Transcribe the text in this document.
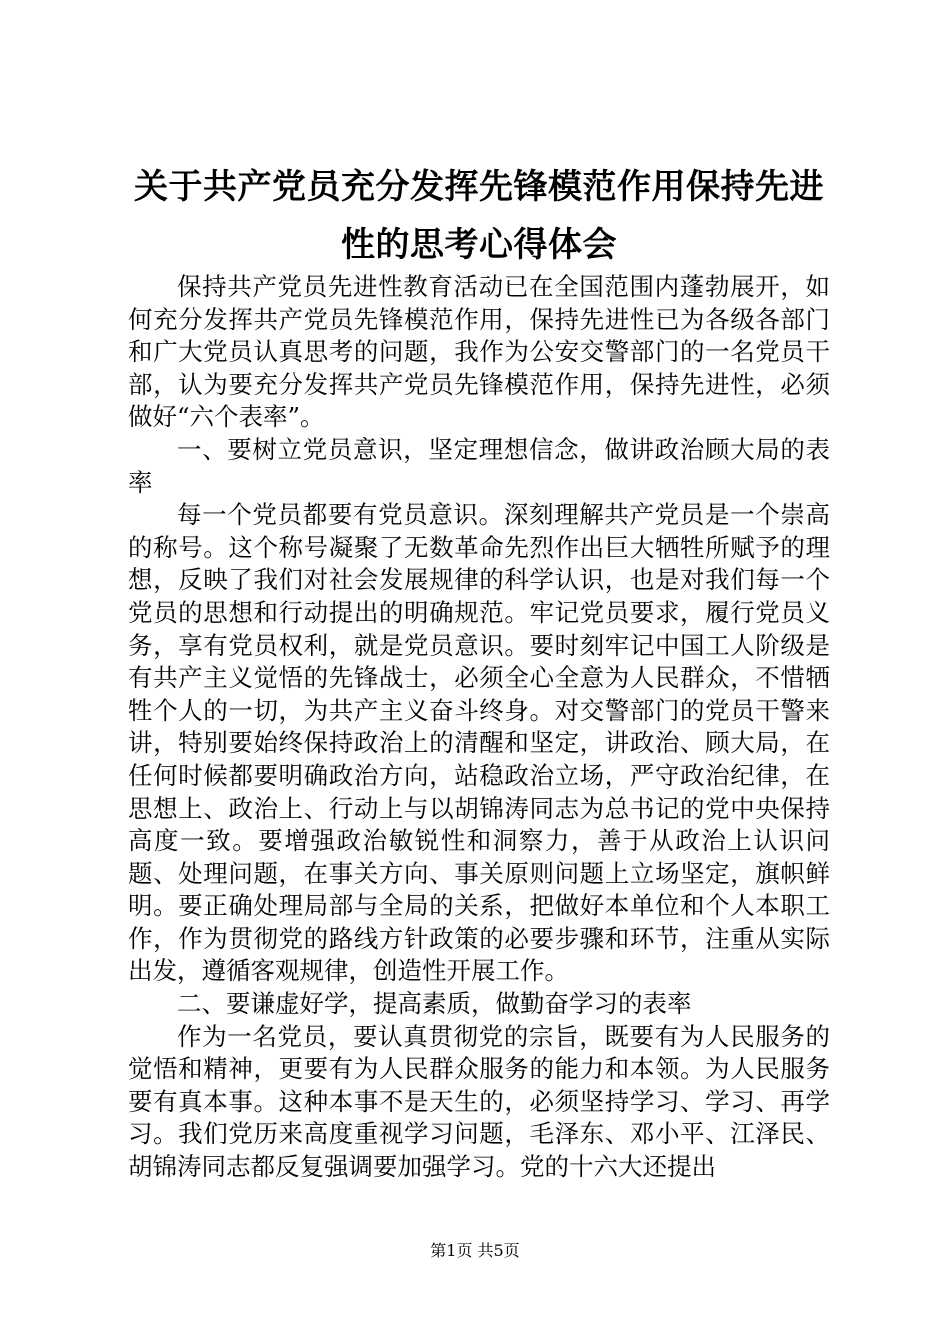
关于共产党员充分发挥先锋模范作用保持先进性的思考心得体会

保持共产党员先进性教育活动已在全国范围内蓬勃展开，如何充分发挥共产党员先锋模范作用，保持先进性已为各级各部门和广大党员认真思考的问题，我作为公安交警部门的一名党员干部，认为要充分发挥共产党员先锋模范作用，保持先进性，必须做好“六个表率”。

一、要树立党员意识，坚定理想信念，做讲政治顾大局的表率

每一个党员都要有党员意识。深刻理解共产党员是一个崇高的称号。这个称号凝聚了无数革命先烈作出巨大牺牲所赋予的理想，反映了我们对社会发展规律的科学认识，也是对我们每一个党员的思想和行动提出的明确规范。牢记党员要求，履行党员义务，享有党员权利，就是党员意识。要时刻牢记中国工人阶级是有共产主义觉悟的先锋战士，必须全心全意为人民群众，不惜牺牲个人的一切，为共产主义奋斗终身。对交警部门的党员干警来讲，特别要始终保持政治上的清醒和坚定，讲政治、顾大局，在任何时候都要明确政治方向，站稳政治立场，严守政治纪律，在思想上、政治上、行动上与以胡锦涛同志为总书记的党中央保持高度一致。要增强政治敏锐性和洞察力，善于从政治上认识问题、处理问题，在事关方向、事关原则问题上立场坚定，旗帜鲜明。要正确处理局部与全局的关系，把做好本单位和个人本职工作，作为贯彻党的路线方针政策的必要步骤和环节，注重从实际出发，遵循客观规律，创造性开展工作。

二、要谦虚好学，提高素质，做勤奋学习的表率

作为一名党员，要认真贯彻党的宗旨，既要有为人民服务的觉悟和精神，更要有为人民群众服务的能力和本领。为人民服务要有真本事。这种本事不是天生的，必须坚持学习、学习、再学习。我们党历来高度重视学习问题，毛泽东、邓小平、江泽民、胡锦涛同志都反复强调要加强学习。党的十六大还提出

第1页 共5页
